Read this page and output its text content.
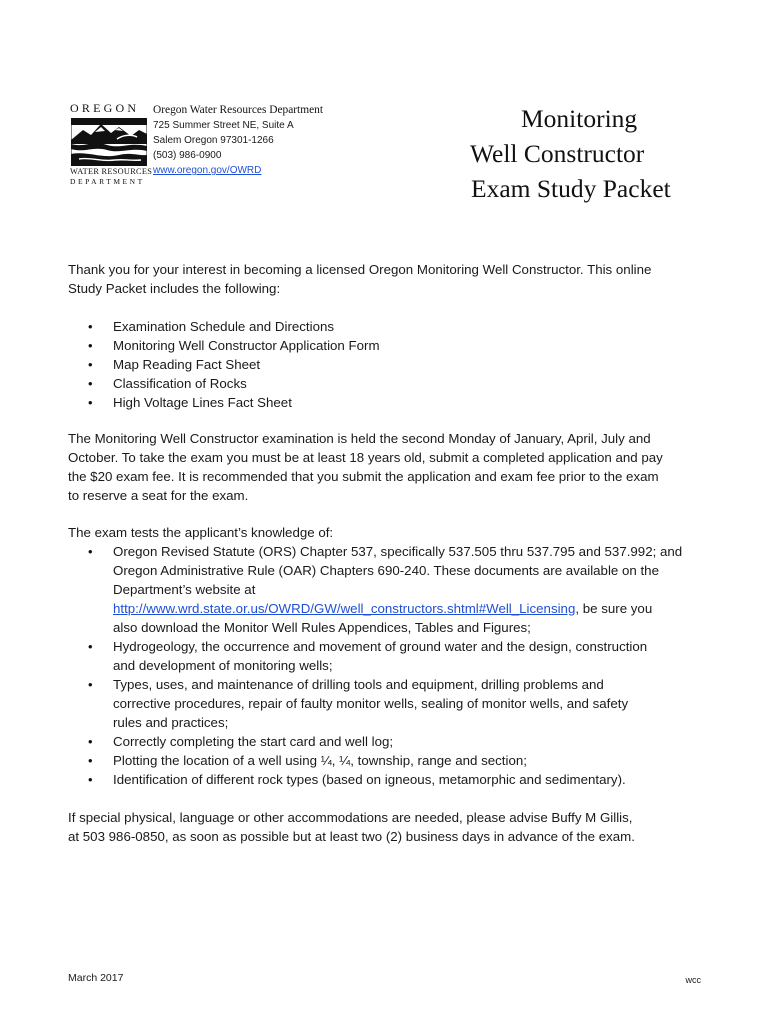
OREGON
WATER RESOURCES
DEPARTMENT
Oregon Water Resources Department
725 Summer Street NE, Suite A
Salem Oregon 97301-1266
(503) 986-0900
www.oregon.gov/OWRD
Monitoring
Well Constructor
Exam Study Packet

Thank you for your interest in becoming a licensed Oregon Monitoring Well Constructor. This online
Study Packet includes the following:

• Examination Schedule and Directions
• Monitoring Well Constructor Application Form
• Map Reading Fact Sheet
• Classification of Rocks
• High Voltage Lines Fact Sheet

The Monitoring Well Constructor examination is held the second Monday of January, April, July and
October. To take the exam you must be at least 18 years old, submit a completed application and pay
the $20 exam fee. It is recommended that you submit the application and exam fee prior to the exam
to reserve a seat for the exam.

The exam tests the applicant’s knowledge of:

• Oregon Revised Statute (ORS) Chapter 537, specifically 537.505 thru 537.795 and 537.992; and
Oregon Administrative Rule (OAR) Chapters 690-240. These documents are available on the
Department’s website at
http://www.wrd.state.or.us/OWRD/GW/well_constructors.shtml#Well_Licensing, be sure you
also download the Monitor Well Rules Appendices, Tables and Figures;
• Hydrogeology, the occurrence and movement of ground water and the design, construction
and development of monitoring wells;
• Types, uses, and maintenance of drilling tools and equipment, drilling problems and
corrective procedures, repair of faulty monitor wells, sealing of monitor wells, and safety
rules and practices;
• Correctly completing the start card and well log;
• Plotting the location of a well using ¼, ¼, township, range and section;
• Identification of different rock types (based on igneous, metamorphic and sedimentary).

If special physical, language or other accommodations are needed, please advise Buffy M Gillis,
at 503 986-0850, as soon as possible but at least two (2) business days in advance of the exam.

March 2017	wcc
